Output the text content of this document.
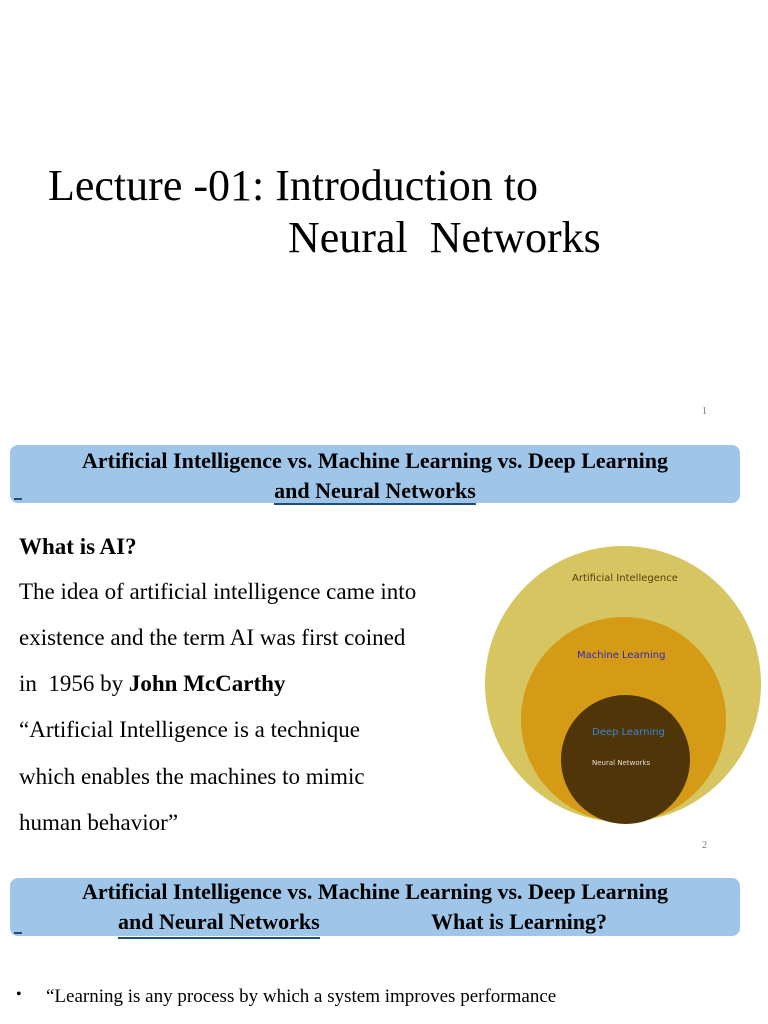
Lecture -01: Introduction to
Neural  Networks
1
Artificial Intelligence vs. Machine Learning vs. Deep Learning
and Neural Networks
What is AI?
The idea of artificial intelligence came into
existence and the term AI was first coined
in  1956 by John McCarthy
“Artificial Intelligence is a technique
which enables the machines to mimic
human behavior”
Artificial Intellegence
Machine Learning
Deep Learning
Neural Networks
2
Artificial Intelligence vs. Machine Learning vs. Deep Learning
and Neural Networks	What is Learning?
• “Learning is any process by which a system improves performance
